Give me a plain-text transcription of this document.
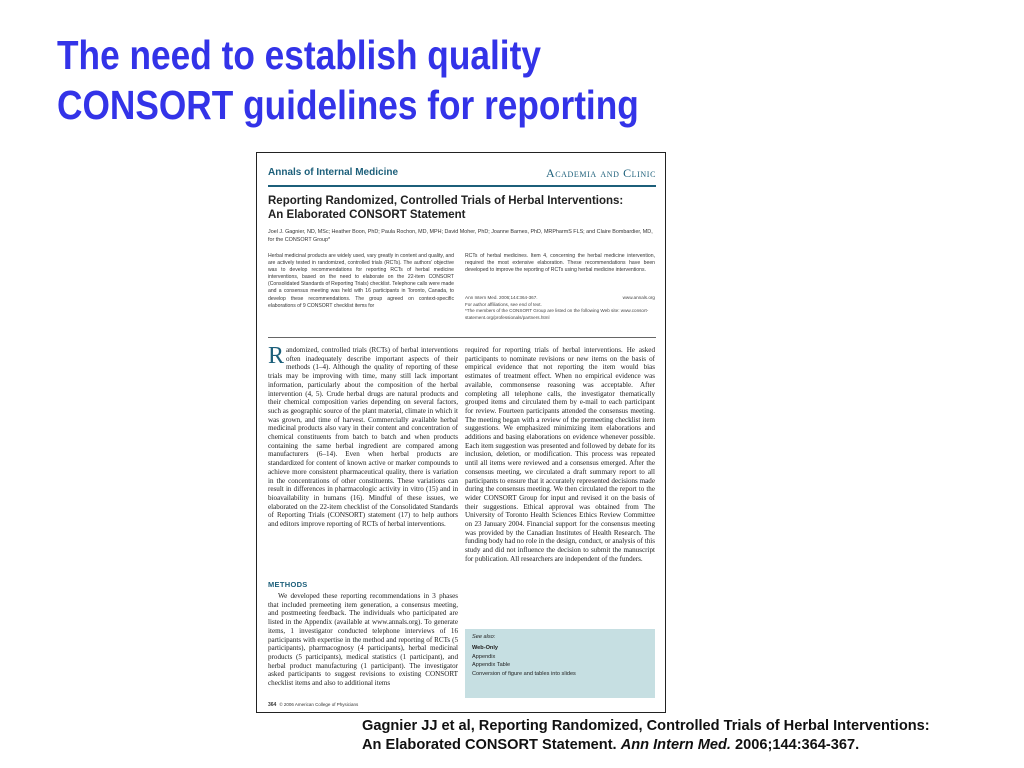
The need to establish quality
CONSORT guidelines for reporting
Annals of Internal Medicine	Academia and Clinic
Reporting Randomized, Controlled Trials of Herbal Interventions:
An Elaborated CONSORT Statement
Joel J. Gagnier, ND, MSc; Heather Boon, PhD; Paula Rochon, MD, MPH; David Moher, PhD; Joanne Barnes, PhD, MRPharmS FLS; and Claire Bombardier, MD, for the CONSORT Group*
Herbal medicinal products are widely used, vary greatly in content and quality, and are actively tested in randomized, controlled trials (RCTs). The authors' objective was to develop recommendations for reporting RCTs of herbal medicine interventions, based on the need to elaborate on the 22-item CONSORT (Consolidated Standards of Reporting Trials) checklist. Telephone calls were made and a consensus meeting was held with 16 participants in Toronto, Canada, to develop these recommendations. The group agreed on context-specific elaborations of 9 CONSORT checklist items for
RCTs of herbal medicines. Item 4, concerning the herbal medicine intervention, required the most extensive elaboration. These recommendations have been developed to improve the reporting of RCTs using herbal medicine interventions.
Ann Intern Med. 2006;144:364-367.	www.annals.org
For author affiliations, see end of text.
*The members of the CONSORT Group are listed on the following Web site: www.consort-statement.org/professionals/partners.html
Randomized, controlled trials (RCTs) of herbal interventions often inadequately describe important aspects of their methods (1–4). Although the quality of reporting of these trials may be improving with time, many still lack important information, particularly about the composition of the herbal intervention (4, 5). Crude herbal drugs are natural products and their chemical composition varies depending on several factors, such as geographic source of the plant material, climate in which it was grown, and time of harvest. Commercially available herbal medicinal products also vary in their content and concentration of chemical constituents from batch to batch and when products containing the same herbal ingredient are compared among manufacturers (6–14). Even when herbal products are standardized for content of known active or marker compounds to achieve more consistent pharmaceutical quality, there is variation in the concentrations of other constituents. These variations can result in differences in pharmacologic activity in vitro (15) and in bioavailability in humans (16). Mindful of these issues, we elaborated on the 22-item checklist of the Consolidated Standards of Reporting Trials (CONSORT) statement (17) to help authors and editors improve reporting of RCTs of herbal interventions.
METHODS
We developed these reporting recommendations in 3 phases that included premeeting item generation, a consensus meeting, and postmeeting feedback. The individuals who participated are listed in the Appendix (available at www.annals.org). To generate items, 1 investigator conducted telephone interviews of 16 participants with expertise in the method and reporting of RCTs (5 participants), pharmacognosy (4 participants), herbal medicinal products (5 participants), medical statistics (1 participant), and herbal product manufacturing (1 participant). The investigator asked participants to suggest revisions to existing CONSORT checklist items and also to additional items
required for reporting trials of herbal interventions. He asked participants to nominate revisions or new items on the basis of empirical evidence that not reporting the item would bias estimates of treatment effect. When no empirical evidence was available, commonsense reasoning was acceptable. After completing all telephone calls, the investigator thematically grouped items and circulated them by e-mail to each participant for review. Fourteen participants attended the consensus meeting. The meeting began with a review of the premeeting checklist item suggestions. We emphasized minimizing item elaborations and additions and basing elaborations on evidence whenever possible. Each item suggestion was presented and followed by debate for its inclusion, deletion, or modification. This process was repeated until all items were reviewed and a consensus emerged. After the consensus meeting, we circulated a draft summary report to all participants to ensure that it accurately represented decisions made during the consensus meeting. We then circulated the report to the wider CONSORT Group for input and revised it on the basis of their suggestions. Ethical approval was obtained from The University of Toronto Health Sciences Ethics Review Committee on 23 January 2004. Financial support for the consensus meeting was provided by the Canadian Institutes of Health Research. The funding body had no role in the design, conduct, or analysis of this study and did not influence the decision to submit the manuscript for publication. All researchers are independent of the funders.
See also:
Web-Only
Appendix
Appendix Table
Conversion of figure and tables into slides
364 © 2006 American College of Physicians

Gagnier JJ et al, Reporting Randomized, Controlled Trials of Herbal Interventions:
An Elaborated CONSORT Statement. Ann Intern Med. 2006;144:364-367.
